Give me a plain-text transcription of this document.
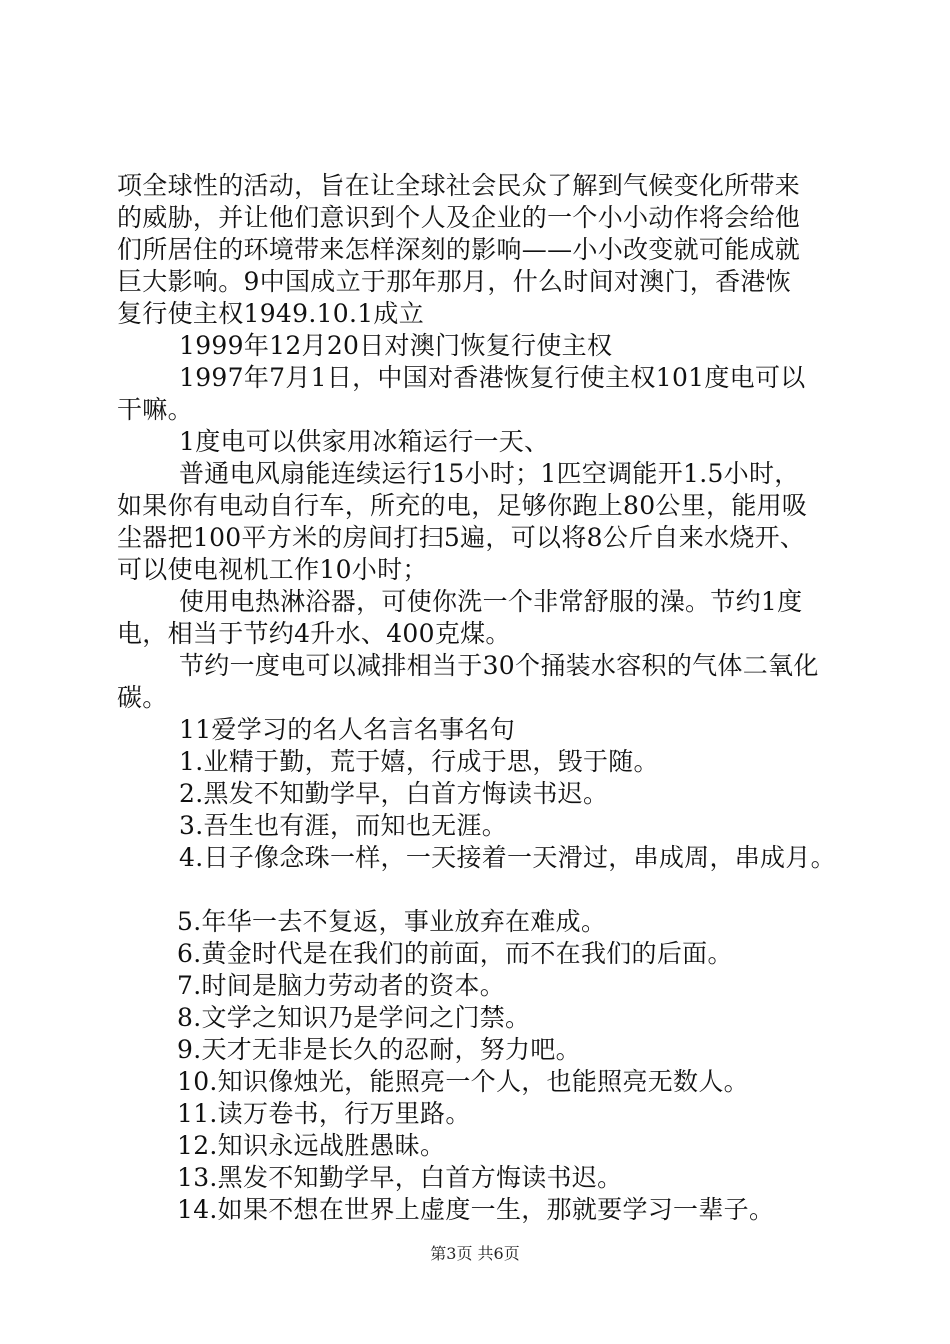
项全球性的活动，旨在让全球社会民众了解到气候变化所带来
的威胁，并让他们意识到个人及企业的一个小小动作将会给他
们所居住的环境带来怎样深刻的影响——小小改变就可能成就
巨大影响。9中国成立于那年那月，什么时间对澳门，香港恢
复行使主权1949.10.1成立
1999年12月20日对澳门恢复行使主权
1997年7月1日，中国对香港恢复行使主权101度电可以
干嘛。
1度电可以供家用冰箱运行一天、
普通电风扇能连续运行15小时；1匹空调能开1.5小时，
如果你有电动自行车，所充的电，足够你跑上80公里，能用吸
尘器把100平方米的房间打扫5遍，可以将8公斤自来水烧开、
可以使电视机工作10小时；
使用电热淋浴器，可使你洗一个非常舒服的澡。节约1度
电，相当于节约4升水、400克煤。
节约一度电可以减排相当于30个捅装水容积的气体二氧化
碳。
11爱学习的名人名言名事名句
1.业精于勤，荒于嬉，行成于思，毁于随。
2.黑发不知勤学早，白首方悔读书迟。
3.吾生也有涯，而知也无涯。
4.日子像念珠一样，一天接着一天滑过，串成周，串成月。
5.年华一去不复返，事业放弃在难成。
6.黄金时代是在我们的前面，而不在我们的后面。
7.时间是脑力劳动者的资本。
8.文学之知识乃是学问之门禁。
9.天才无非是长久的忍耐，努力吧。
10.知识像烛光，能照亮一个人，也能照亮无数人。
11.读万卷书，行万里路。
12.知识永远战胜愚昧。
13.黑发不知勤学早，白首方悔读书迟。
14.如果不想在世界上虚度一生，那就要学习一辈子。
第3页 共6页
